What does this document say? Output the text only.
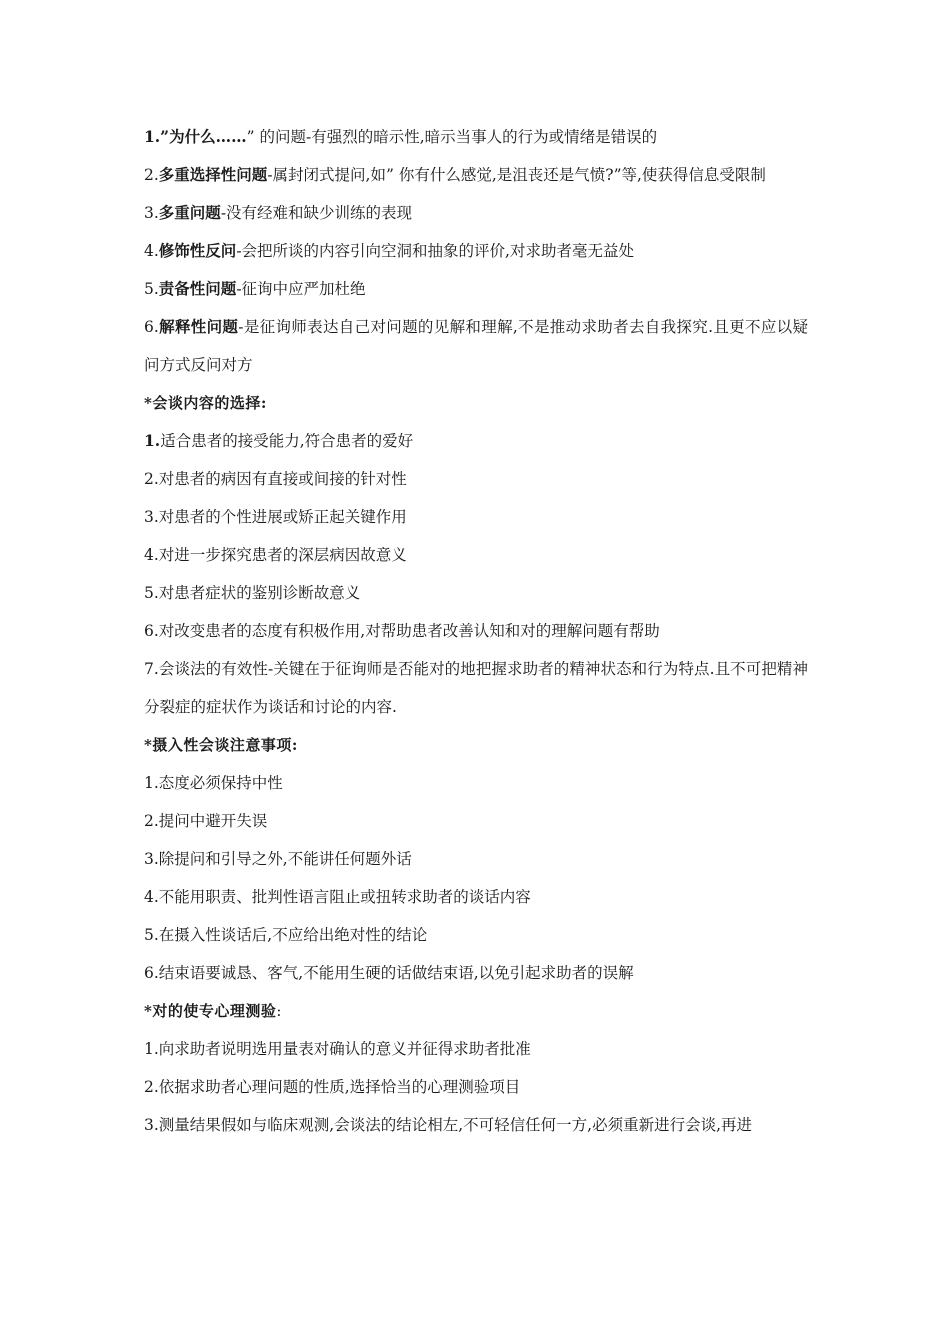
1.”为什么……” 的问题-有强烈的暗示性,暗示当事人的行为或情绪是错误的

2.多重选择性问题-属封闭式提问,如” 你有什么感觉,是沮丧还是气愤?”等,使获得信息受限制

3.多重问题-没有经难和缺少训练的表现

4.修饰性反问-会把所谈的内容引向空洞和抽象的评价,对求助者毫无益处

5.责备性问题-征询中应严加杜绝

6.解释性问题-是征询师表达自己对问题的见解和理解,不是推动求助者去自我探究.且更不应以疑问方式反问对方

*会谈内容的选择:

1.适合患者的接受能力,符合患者的爱好

2.对患者的病因有直接或间接的针对性

3.对患者的个性进展或矫正起关键作用

4.对进一步探究患者的深层病因故意义

5.对患者症状的鉴别诊断故意义

6.对改变患者的态度有积极作用,对帮助患者改善认知和对的理解问题有帮助

7.会谈法的有效性-关键在于征询师是否能对的地把握求助者的精神状态和行为特点.且不可把精神分裂症的症状作为谈话和讨论的内容.

*摄入性会谈注意事项:

1.态度必须保持中性

2.提问中避开失误

3.除提问和引导之外,不能讲任何题外话

4.不能用职责、批判性语言阻止或扭转求助者的谈话内容

5.在摄入性谈话后,不应给出绝对性的结论

6.结束语要诚恳、客气,不能用生硬的话做结束语,以免引起求助者的误解

*对的使专心理测验:

1.向求助者说明选用量表对确认的意义并征得求助者批准

2.依据求助者心理问题的性质,选择恰当的心理测验项目

3.测量结果假如与临床观测,会谈法的结论相左,不可轻信任何一方,必须重新进行会谈,再进
